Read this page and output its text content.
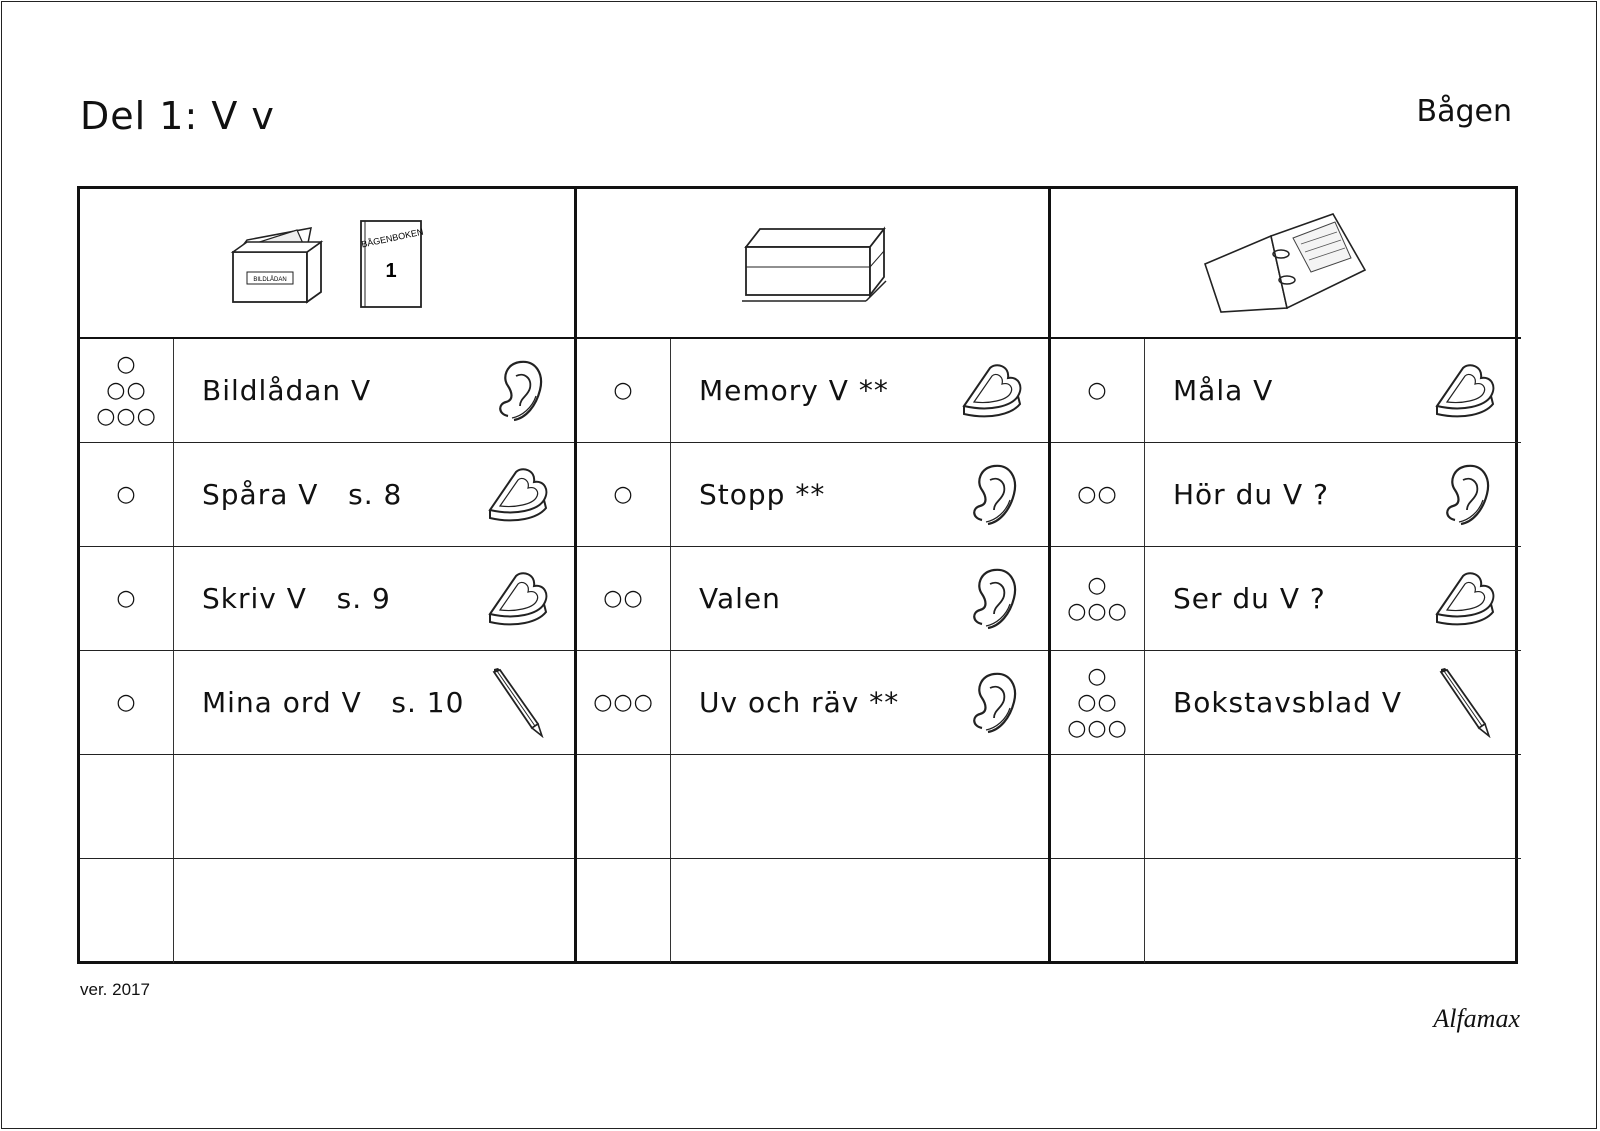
Del 1: V v	Bågen
BILDLÅDAN
BÅGENBOKEN
1
○
○○
○○○
Bildlådan V
○ Spåra V   s. 8
○ Skriv V   s. 9
○ Mina ord V   s. 10
○ Memory V **
○ Stopp **
○○ Valen
○○○ Uv och räv **
○ Måla V
○○ Hör du V ?
○
○○○ Ser du V ?
○
○○
○○○
Bokstavsblad V
ver. 2017
Alfamax
